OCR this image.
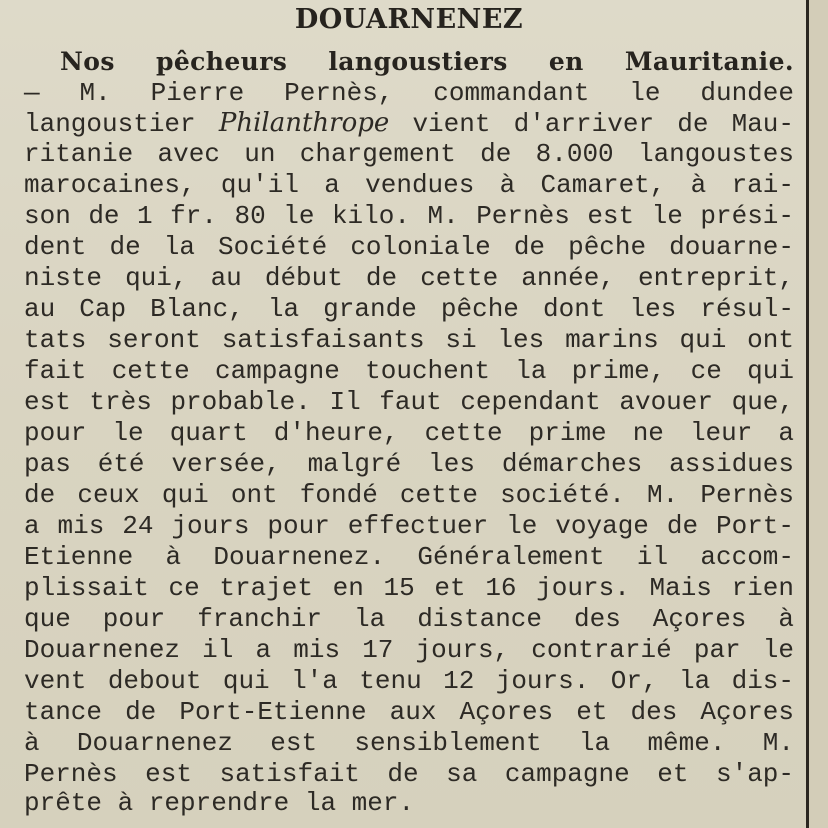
DOUARNENEZ
Nos pêcheurs langoustiers en Mauritanie.
— M. Pierre Pernès, commandant le dundee
langoustier Philanthrope vient d'arriver de Mau-
ritanie avec un chargement de 8.000 langoustes
marocaines, qu'il a vendues à Camaret, à rai-
son de 1 fr. 80 le kilo. M. Pernès est le prési-
dent de la Société coloniale de pêche douarne-
niste qui, au début de cette année, entreprit,
au Cap Blanc, la grande pêche dont les résul-
tats seront satisfaisants si les marins qui ont
fait cette campagne touchent la prime, ce qui
est très probable. Il faut cependant avouer que,
pour le quart d'heure, cette prime ne leur a
pas été versée, malgré les démarches assidues
de ceux qui ont fondé cette société. M. Pernès
a mis 24 jours pour effectuer le voyage de Port-
Etienne à Douarnenez. Généralement il accom-
plissait ce trajet en 15 et 16 jours. Mais rien
que pour franchir la distance des Açores à
Douarnenez il a mis 17 jours, contrarié par le
vent debout qui l'a tenu 12 jours. Or, la dis-
tance de Port-Etienne aux Açores et des Açores
à Douarnenez est sensiblement la même. M.
Pernès est satisfait de sa campagne et s'ap-
prête à reprendre la mer.
